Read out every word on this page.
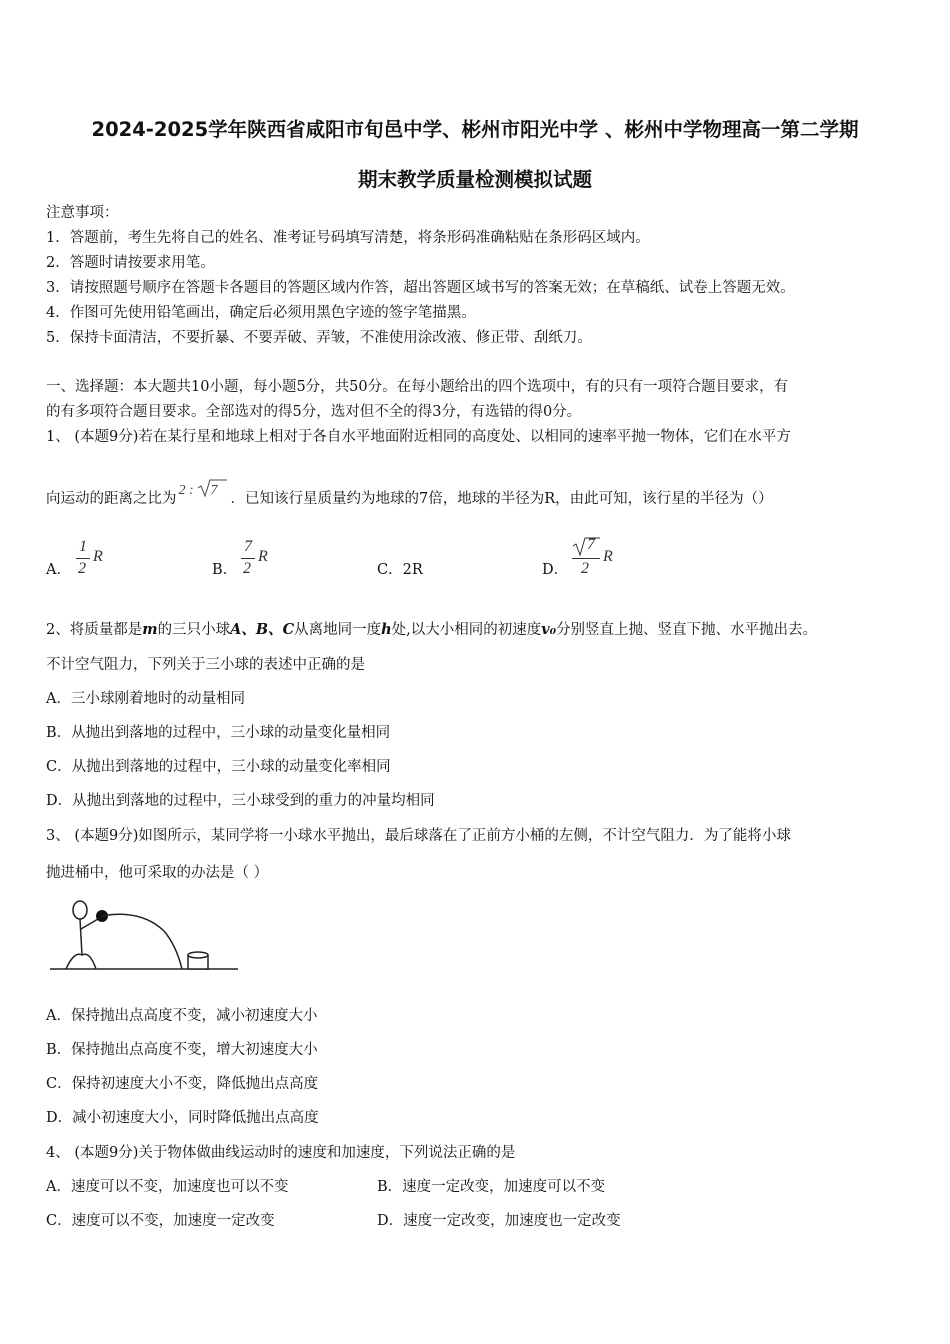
2024-2025学年陕西省咸阳市旬邑中学、彬州市阳光中学 、彬州中学物理高一第二学期
期末教学质量检测模拟试题
注意事项：
1．答题前，考生先将自己的姓名、准考证号码填写清楚，将条形码准确粘贴在条形码区域内。
2．答题时请按要求用笔。
3．请按照题号顺序在答题卡各题目的答题区域内作答，超出答题区域书写的答案无效；在草稿纸、试卷上答题无效。
4．作图可先使用铅笔画出，确定后必须用黑色字迹的签字笔描黑。
5．保持卡面清洁，不要折暴、不要弄破、弄皱，不准使用涂改液、修正带、刮纸刀。
一、选择题：本大题共10小题，每小题5分，共50分。在每小题给出的四个选项中，有的只有一项符合题目要求，有
的有多项符合题目要求。全部选对的得5分，选对但不全的得3分，有选错的得0分。
1、 (本题9分)若在某行星和地球上相对于各自水平地面附近相同的高度处、以相同的速率平抛一物体，它们在水平方
向运动的距离之比为
2 : 7
．已知该行星质量约为地球的7倍，地球的半径为R，由此可知，该行星的半径为（）
A．
1
2
R
B．
7
2
R
C．2R	D．
7
2
R
2、将质量都是m的三只小球A、B、C从离地同一度h处,以大小相同的初速度v₀分别竖直上抛、竖直下抛、水平抛出去。
不计空气阻力，下列关于三小球的表述中正确的是
A．三小球刚着地时的动量相同
B．从抛出到落地的过程中，三小球的动量变化量相同
C．从抛出到落地的过程中，三小球的动量变化率相同
D．从抛出到落地的过程中，三小球受到的重力的冲量均相同
3、 (本题9分)如图所示，某同学将一小球水平抛出，最后球落在了正前方小桶的左侧，不计空气阻力．为了能将小球
抛进桶中，他可采取的办法是（ ）
A．保持抛出点高度不变，减小初速度大小
B．保持抛出点高度不变，增大初速度大小
C．保持初速度大小不变，降低抛出点高度
D．减小初速度大小，同时降低抛出点高度
4、 (本题9分)关于物体做曲线运动时的速度和加速度，下列说法正确的是
A．速度可以不变，加速度也可以不变	B．速度一定改变，加速度可以不变
C．速度可以不变，加速度一定改变	D．速度一定改变，加速度也一定改变
